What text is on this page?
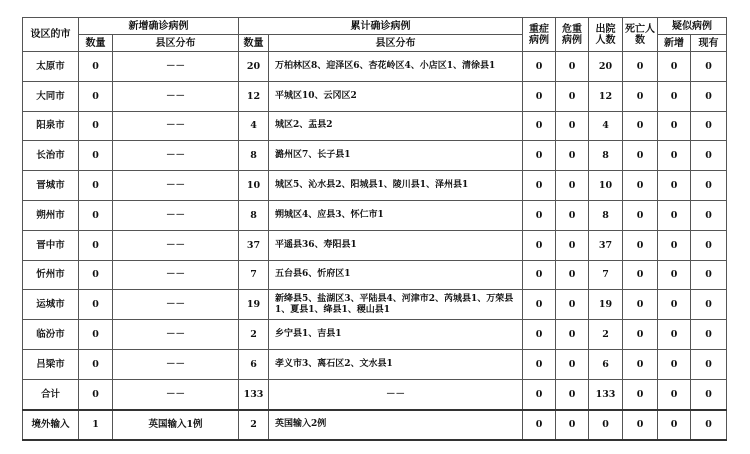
设区的市	新增确诊病例		累计确诊病例		重症病例	危重病例	出院人数	死亡人数	疑似病例	
	数量	县区分布	数量	县区分布					新增	现有
太原市	0	－－	20	万柏林区8、迎泽区6、杏花岭区4、小店区1、清徐县1	0	0	20	0	0	0
大同市	0	－－	12	平城区10、云冈区2	0	0	12	0	0	0
阳泉市	0	－－	4	城区2、盂县2	0	0	4	0	0	0
长治市	0	－－	8	潞州区7、长子县1	0	0	8	0	0	0
晋城市	0	－－	10	城区5、沁水县2、阳城县1、陵川县1、泽州县1	0	0	10	0	0	0
朔州市	0	－－	8	朔城区4、应县3、怀仁市1	0	0	8	0	0	0
晋中市	0	－－	37	平遥县36、寿阳县1	0	0	37	0	0	0
忻州市	0	－－	7	五台县6、忻府区1	0	0	7	0	0	0
运城市	0	－－	19	新绛县5、盐湖区3、平陆县4、河津市2、芮城县1、万荣县1、夏县1、绛县1、稷山县1	0	0	19	0	0	0
临汾市	0	－－	2	乡宁县1、吉县1	0	0	2	0	0	0
吕梁市	0	－－	6	孝义市3、离石区2、文水县1	0	0	6	0	0	0
合计	0	－－	133	－－	0	0	133	0	0	0
境外输入	1	英国输入1例	2	英国输入2例	0	0	0	0	0	0
